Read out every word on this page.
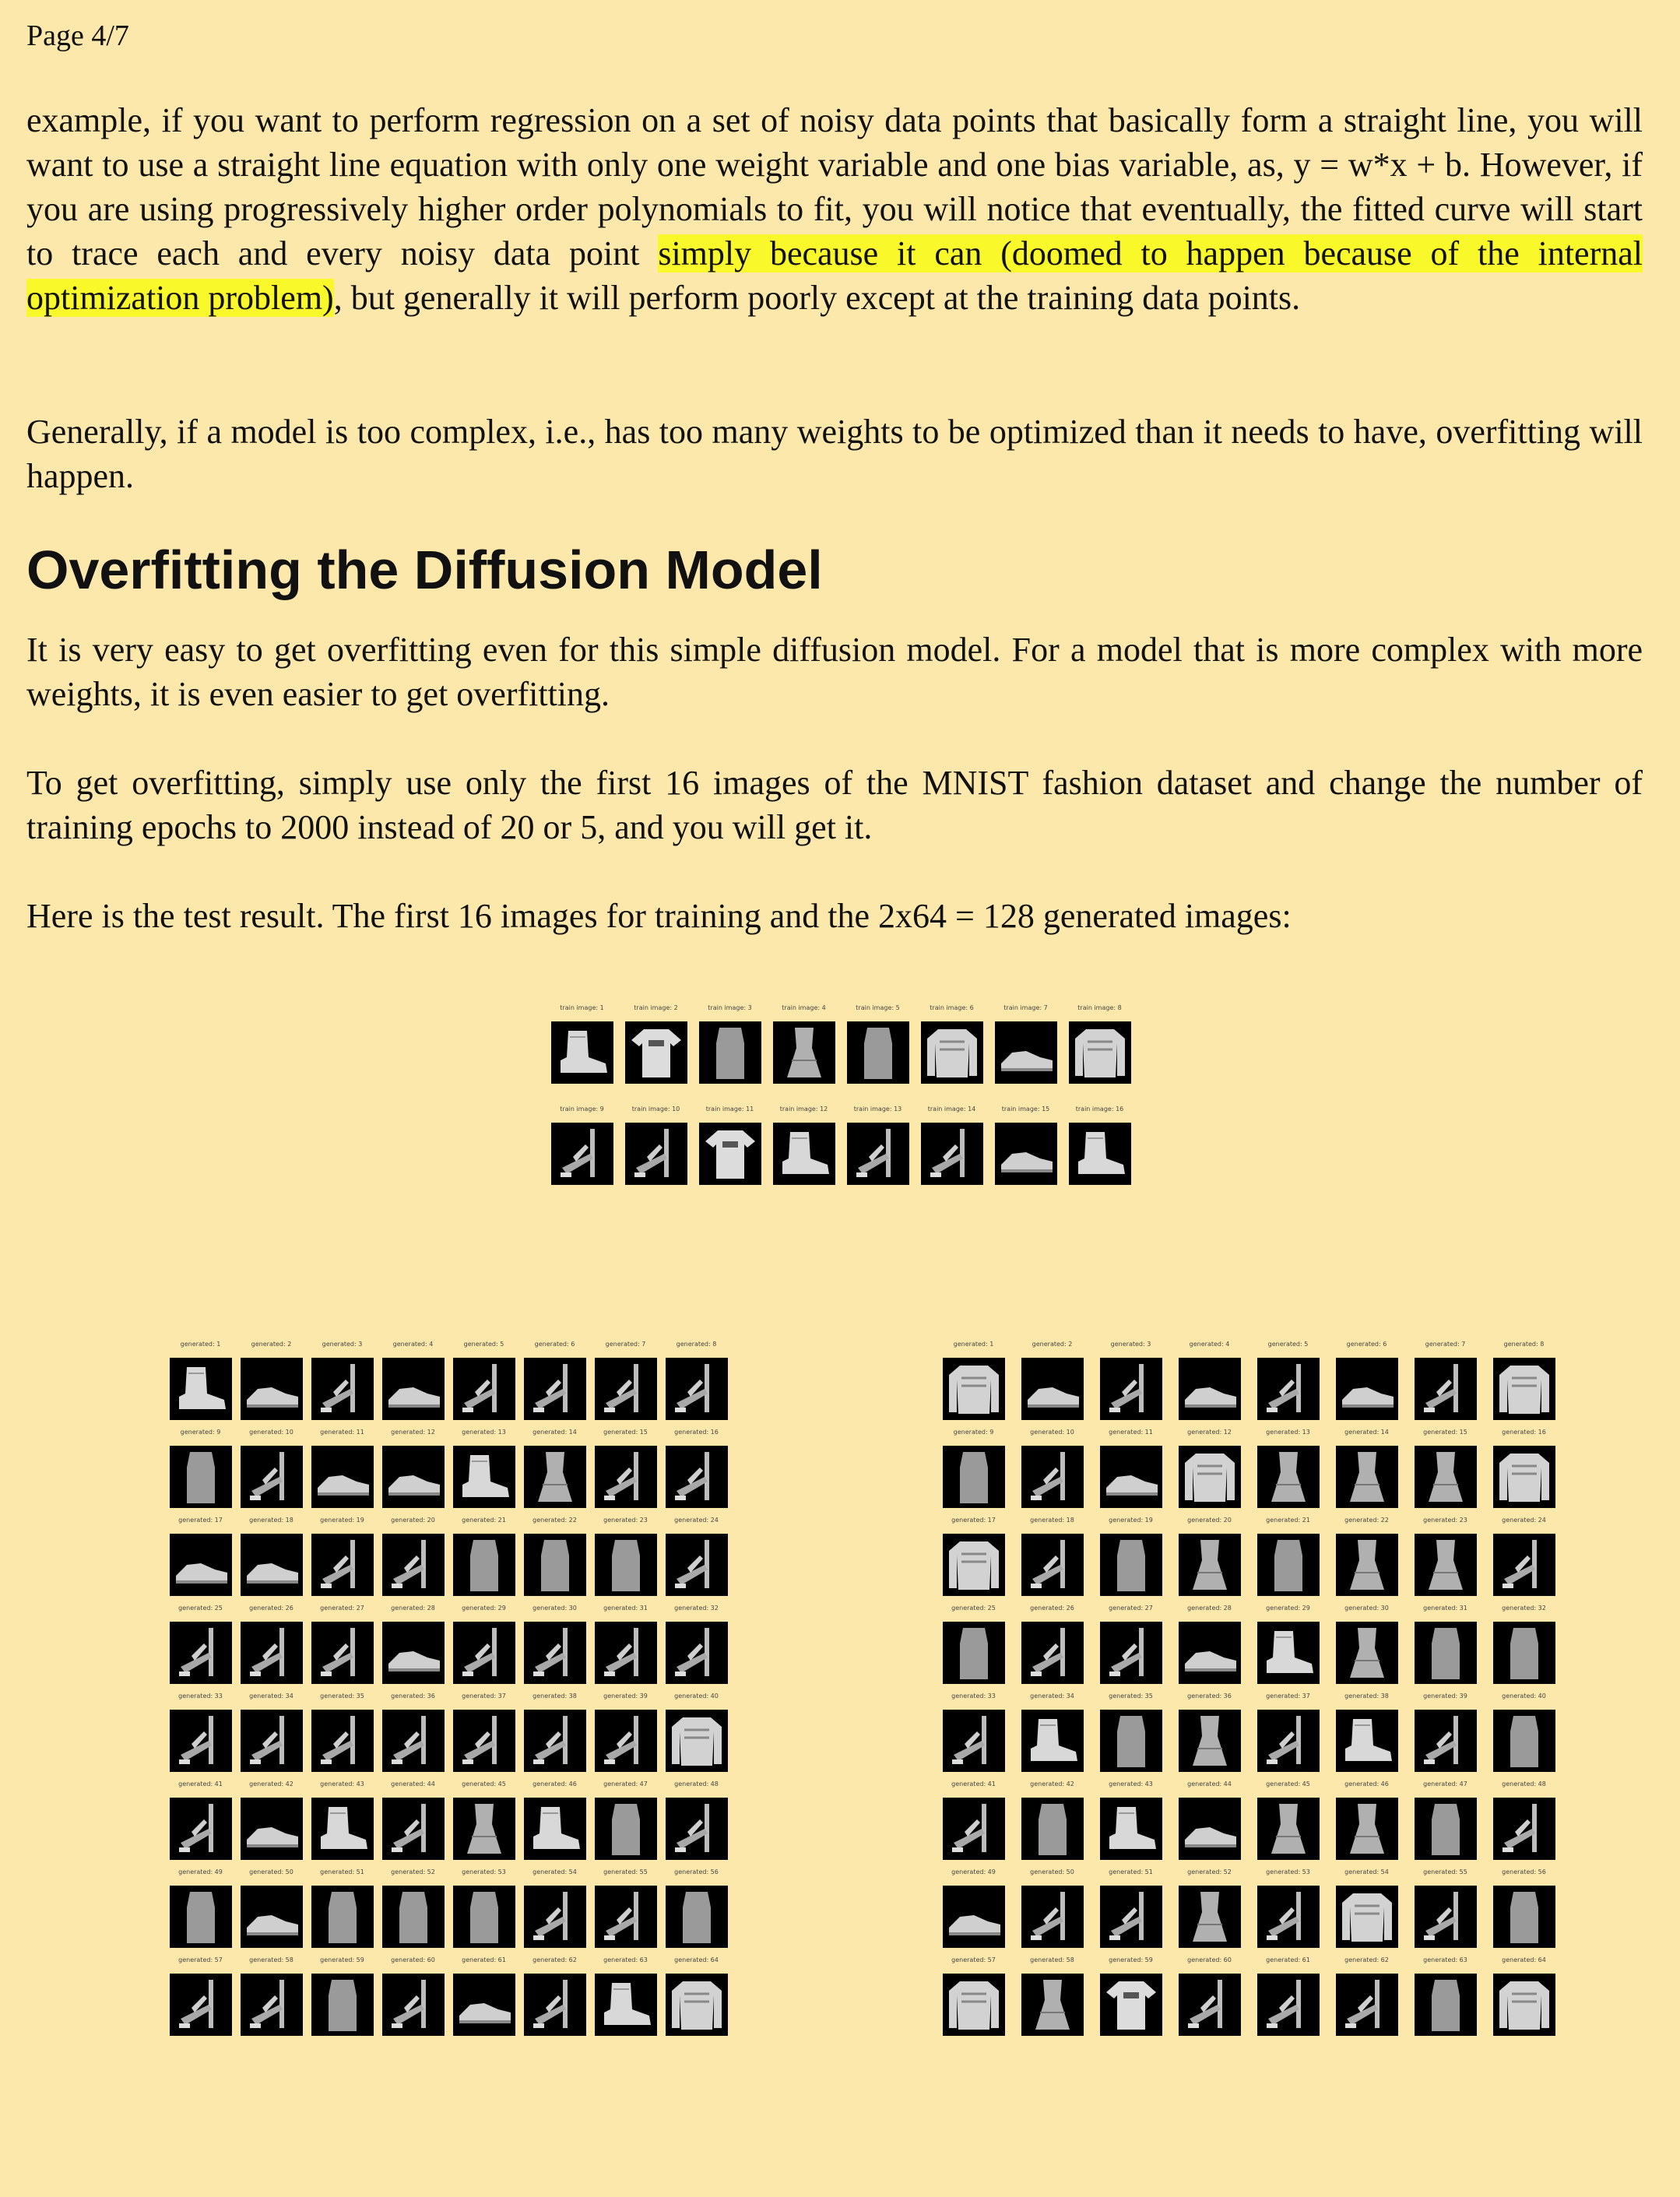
Page 4/7

example, if you want to perform regression on a set of noisy data points that basically form a straight line, you will want to use a straight line equation with only one weight variable and one bias variable, as, y = w*x + b. However, if you are using progressively higher order polynomials to fit, you will notice that eventually, the fitted curve will start to trace each and every noisy data point simply because it can (doomed to happen because of the internal optimization problem), but generally it will perform poorly except at the training data points.

Generally, if a model is too complex, i.e., has too many weights to be optimized than it needs to have, overfitting will happen.

Overfitting the Diffusion Model

It is very easy to get overfitting even for this simple diffusion model. For a model that is more complex with more weights, it is even easier to get overfitting.

To get overfitting, simply use only the first 16 images of the MNIST fashion dataset and change the number of training epochs to 2000 instead of 20 or 5, and you will get it.

Here is the test result. The first 16 images for training and the 2x64 = 128 generated images:

train image: 1	train image: 2	train image: 3	train image: 4	train image: 5	train image: 6	train image: 7	train image: 8
train image: 9	train image: 10	train image: 11	train image: 12	train image: 13	train image: 14	train image: 15	train image: 16
generated: 1	generated: 2	generated: 3	generated: 4	generated: 5	generated: 6	generated: 7	generated: 8
generated: 9	generated: 10	generated: 11	generated: 12	generated: 13	generated: 14	generated: 15	generated: 16
generated: 17	generated: 18	generated: 19	generated: 20	generated: 21	generated: 22	generated: 23	generated: 24
generated: 25	generated: 26	generated: 27	generated: 28	generated: 29	generated: 30	generated: 31	generated: 32
generated: 33	generated: 34	generated: 35	generated: 36	generated: 37	generated: 38	generated: 39	generated: 40
generated: 41	generated: 42	generated: 43	generated: 44	generated: 45	generated: 46	generated: 47	generated: 48
generated: 49	generated: 50	generated: 51	generated: 52	generated: 53	generated: 54	generated: 55	generated: 56
generated: 57	generated: 58	generated: 59	generated: 60	generated: 61	generated: 62	generated: 63	generated: 64
generated: 1	generated: 2	generated: 3	generated: 4	generated: 5	generated: 6	generated: 7	generated: 8
generated: 9	generated: 10	generated: 11	generated: 12	generated: 13	generated: 14	generated: 15	generated: 16
generated: 17	generated: 18	generated: 19	generated: 20	generated: 21	generated: 22	generated: 23	generated: 24
generated: 25	generated: 26	generated: 27	generated: 28	generated: 29	generated: 30	generated: 31	generated: 32
generated: 33	generated: 34	generated: 35	generated: 36	generated: 37	generated: 38	generated: 39	generated: 40
generated: 41	generated: 42	generated: 43	generated: 44	generated: 45	generated: 46	generated: 47	generated: 48
generated: 49	generated: 50	generated: 51	generated: 52	generated: 53	generated: 54	generated: 55	generated: 56
generated: 57	generated: 58	generated: 59	generated: 60	generated: 61	generated: 62	generated: 63	generated: 64
